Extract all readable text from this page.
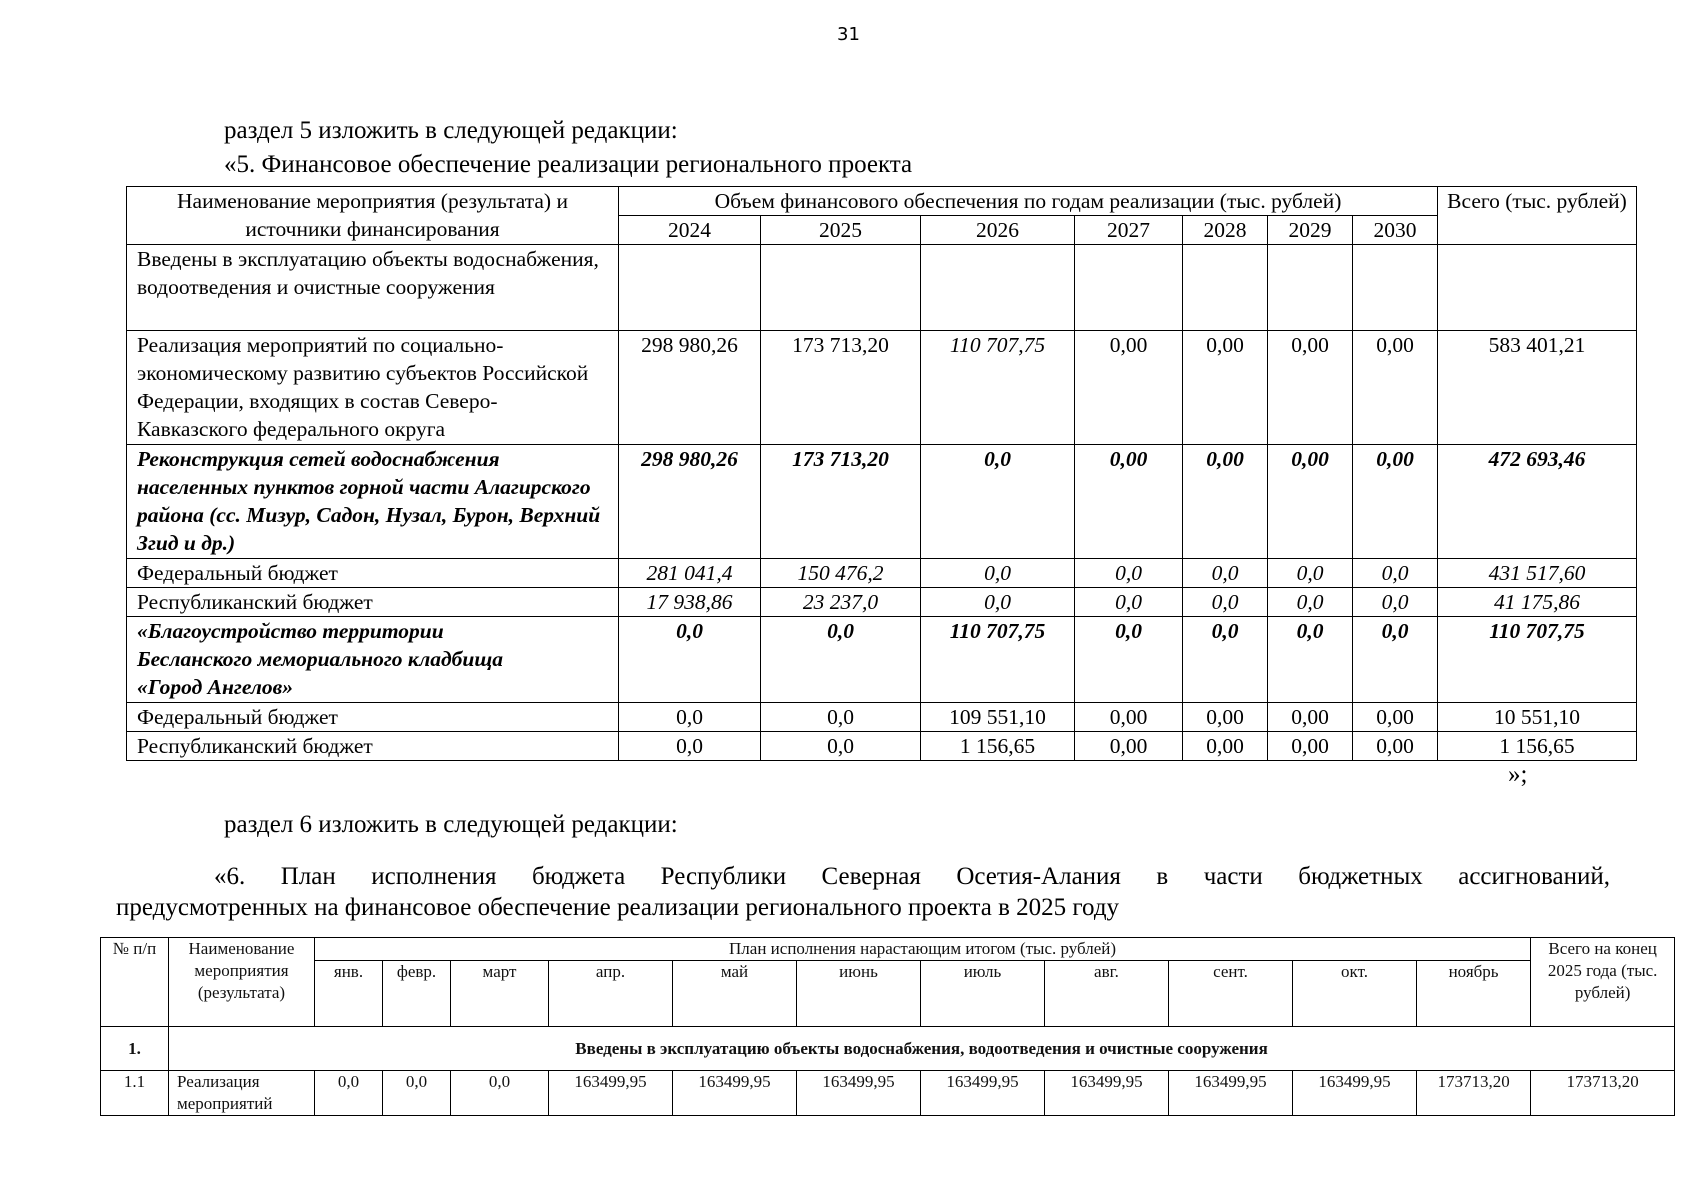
31
раздел 5 изложить в следующей редакции:
«5. Финансовое обеспечение реализации регионального проекта
Наименование мероприятия (результата) и источники финансирования	Объем финансового обеспечения по годам реализации (тыс. рублей)							Всего (тыс. рублей)
	2024	2025	2026	2027	2028	2029	2030	
Введены в эксплуатацию объекты водоснабжения, водоотведения и очистные сооружения								
Реализация мероприятий по социально-экономическому развитию субъектов Российской Федерации, входящих в состав Северо-Кавказского федерального округа	298 980,26	173 713,20	110 707,75	0,00	0,00	0,00	0,00	583 401,21
Реконструкция сетей водоснабжения населенных пунктов горной части Алагирского района (сс. Мизур, Садон, Нузал, Бурон, Верхний Згид и др.)	298 980,26	173 713,20	0,0	0,00	0,00	0,00	0,00	472 693,46
Федеральный бюджет	281 041,4	150 476,2	0,0	0,0	0,0	0,0	0,0	431 517,60
Республиканский бюджет	17 938,86	23 237,0	0,0	0,0	0,0	0,0	0,0	41 175,86

«Благоустройство территории
Бесланского мемориального кладбища
«Город Ангелов»	0,0	0,0	110 707,75	0,0	0,0	0,0	0,0	110 707,75
Федеральный бюджет	0,0	0,0	109 551,10	0,00	0,00	0,00	0,00	10 551,10
Республиканский бюджет	0,0	0,0	1 156,65	0,00	0,00	0,00	0,00	1 156,65
»;
раздел 6 изложить в следующей редакции:
«6. План исполнения бюджета Республики Северная Осетия-Алания в части бюджетных ассигнований,
предусмотренных на финансовое обеспечение реализации регионального проекта в 2025 году
№ п/п	Наименование мероприятия (результата)	План исполнения нарастающим итогом (тыс. рублей)											Всего на конец 2025 года (тыс. рублей)
		янв.	февр.	март	апр.	май	июнь	июль	авг.	сент.	окт.	ноябрь	
1.	Введены в эксплуатацию объекты водоснабжения, водоотведения и очистные сооружения												
1.1	Реализация мероприятий	0,0	0,0	0,0	163499,95	163499,95	163499,95	163499,95	163499,95	163499,95	163499,95	173713,20	173713,20
